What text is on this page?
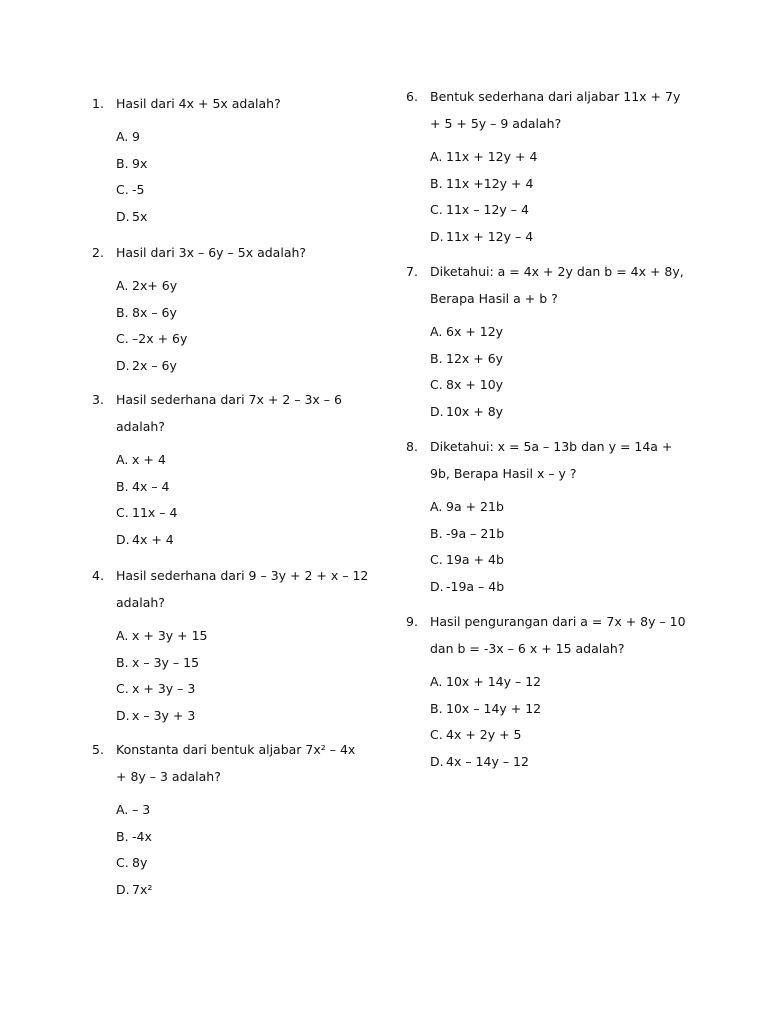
1. Hasil dari 4x + 5x adalah?
A. 9
B. 9x
C. -5
D. 5x
2. Hasil dari 3x – 6y – 5x adalah?
A. 2x+ 6y
B. 8x – 6y
C. –2x + 6y
D. 2x – 6y
3. Hasil sederhana dari 7x + 2 – 3x – 6
adalah?
A. x + 4
B. 4x – 4
C. 11x – 4
D. 4x + 4
4. Hasil sederhana dari 9 – 3y + 2 + x – 12
adalah?
A. x + 3y + 15
B. x – 3y – 15
C. x + 3y – 3
D. x – 3y + 3
5. Konstanta dari bentuk aljabar 7x² – 4x
+ 8y – 3 adalah?
A. – 3
B. -4x
C. 8y
D. 7x²
6. Bentuk sederhana dari aljabar 11x + 7y
+ 5 + 5y – 9 adalah?
A. 11x + 12y + 4
B. 11x +12y + 4
C. 11x – 12y – 4
D. 11x + 12y – 4
7. Diketahui: a = 4x + 2y dan b = 4x + 8y,
Berapa Hasil a + b ?
A. 6x + 12y
B. 12x + 6y
C. 8x + 10y
D. 10x + 8y
8. Diketahui: x = 5a – 13b dan y = 14a +
9b, Berapa Hasil x – y ?
A. 9a + 21b
B. -9a – 21b
C. 19a + 4b
D. -19a – 4b
9. Hasil pengurangan dari a = 7x + 8y – 10
dan b = -3x – 6 x + 15 adalah?
A. 10x + 14y – 12
B. 10x – 14y + 12
C. 4x + 2y + 5
D. 4x – 14y – 12
